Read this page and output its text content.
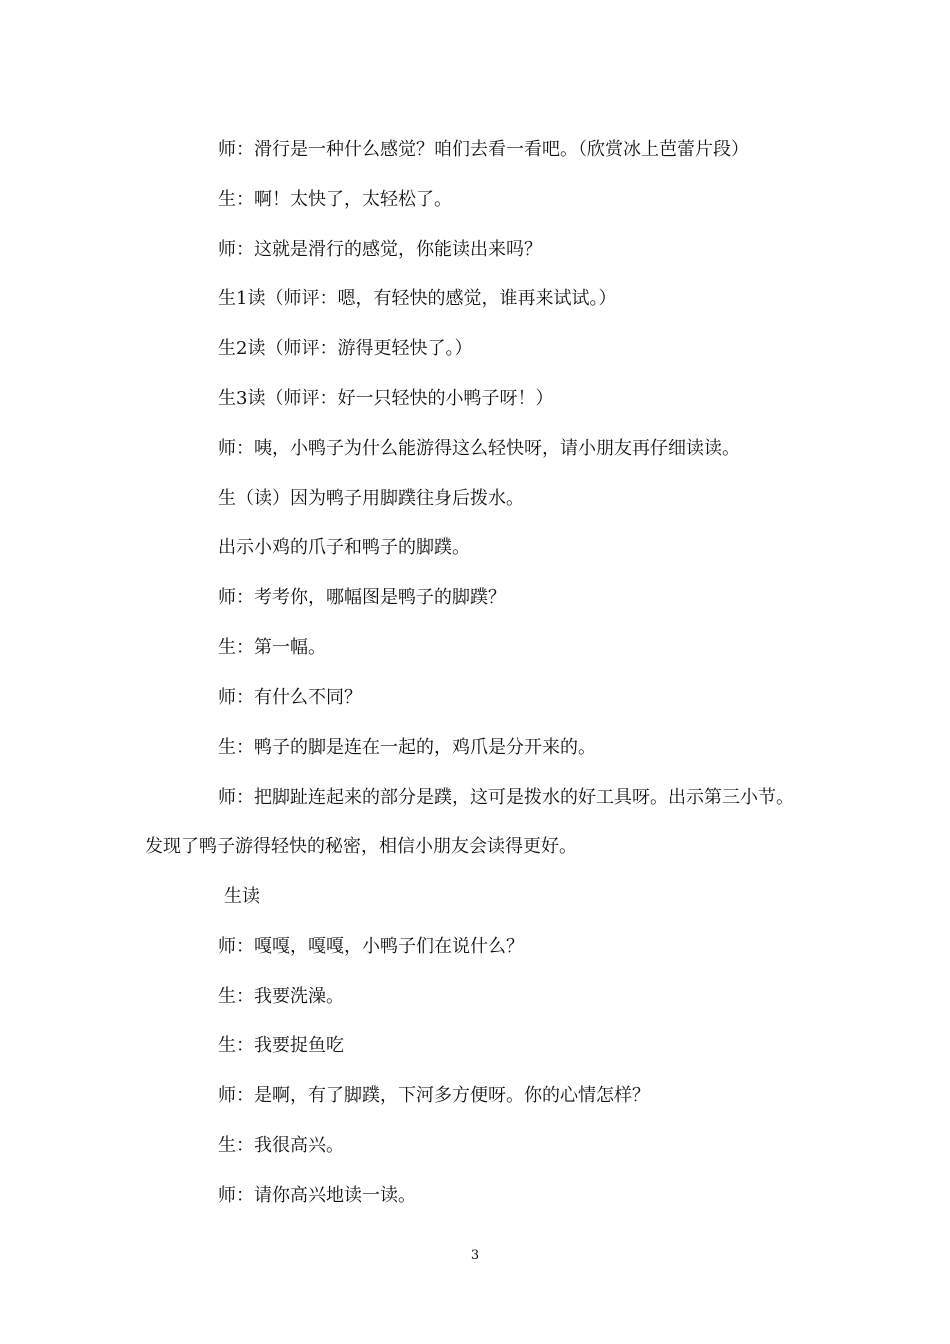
师：滑行是一种什么感觉？咱们去看一看吧。（欣赏冰上芭蕾片段）
生：啊！太快了，太轻松了。
师：这就是滑行的感觉，你能读出来吗？
生1读（师评：嗯，有轻快的感觉，谁再来试试。）
生2读（师评：游得更轻快了。）
生3读（师评：好一只轻快的小鸭子呀！）
师：咦，小鸭子为什么能游得这么轻快呀，请小朋友再仔细读读。
生（读）因为鸭子用脚蹼往身后拨水。
出示小鸡的爪子和鸭子的脚蹼。
师：考考你，哪幅图是鸭子的脚蹼？
生：第一幅。
师：有什么不同？
生：鸭子的脚是连在一起的，鸡爪是分开来的。
师：把脚趾连起来的部分是蹼，这可是拨水的好工具呀。出示第三小节。
发现了鸭子游得轻快的秘密，相信小朋友会读得更好。
生读
师：嘎嘎，嘎嘎，小鸭子们在说什么？
生：我要洗澡。
生：我要捉鱼吃
师：是啊，有了脚蹼，下河多方便呀。你的心情怎样？
生：我很高兴。
师：请你高兴地读一读。
3
